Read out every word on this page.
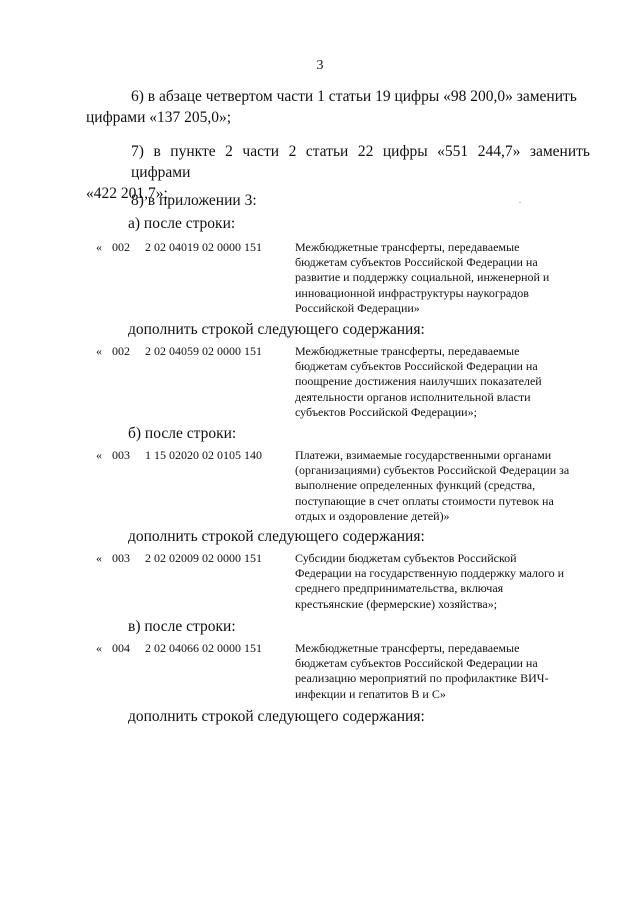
3
6) в абзаце четвертом части 1 статьи 19 цифры «98 200,0» заменить
цифрами «137 205,0»;
7) в пункте 2 части 2 статьи 22 цифры «551 244,7» заменить цифрами
«422 201,7»;
8) в приложении 3:
а) после строки:
« 002 2 02 04019 02 0000 151	Межбюджетные трансферты, передаваемые бюджетам субъектов Российской Федерации на развитие и поддержку социальной, инженерной и инновационной инфраструктуры наукоградов Российской Федерации»
дополнить строкой следующего содержания:
« 002 2 02 04059 02 0000 151	Межбюджетные трансферты, передаваемые бюджетам субъектов Российской Федерации на поощрение достижения наилучших показателей деятельности органов исполнительной власти субъектов Российской Федерации»;
б) после строки:
« 003 1 15 02020 02 0105 140	Платежи, взимаемые государственными органами (организациями) субъектов Российской Федерации за выполнение определенных функций (средства, поступающие в счет оплаты стоимости путевок на отдых и оздоровление детей)»
дополнить строкой следующего содержания:
« 003 2 02 02009 02 0000 151	Субсидии бюджетам субъектов Российской Федерации на государственную поддержку малого и среднего предпринимательства, включая крестьянские (фермерские) хозяйства»;
в) после строки:
« 004 2 02 04066 02 0000 151	Межбюджетные трансферты, передаваемые бюджетам субъектов Российской Федерации на реализацию мероприятий по профилактике ВИЧ-инфекции и гепатитов В и С»
дополнить строкой следующего содержания:
